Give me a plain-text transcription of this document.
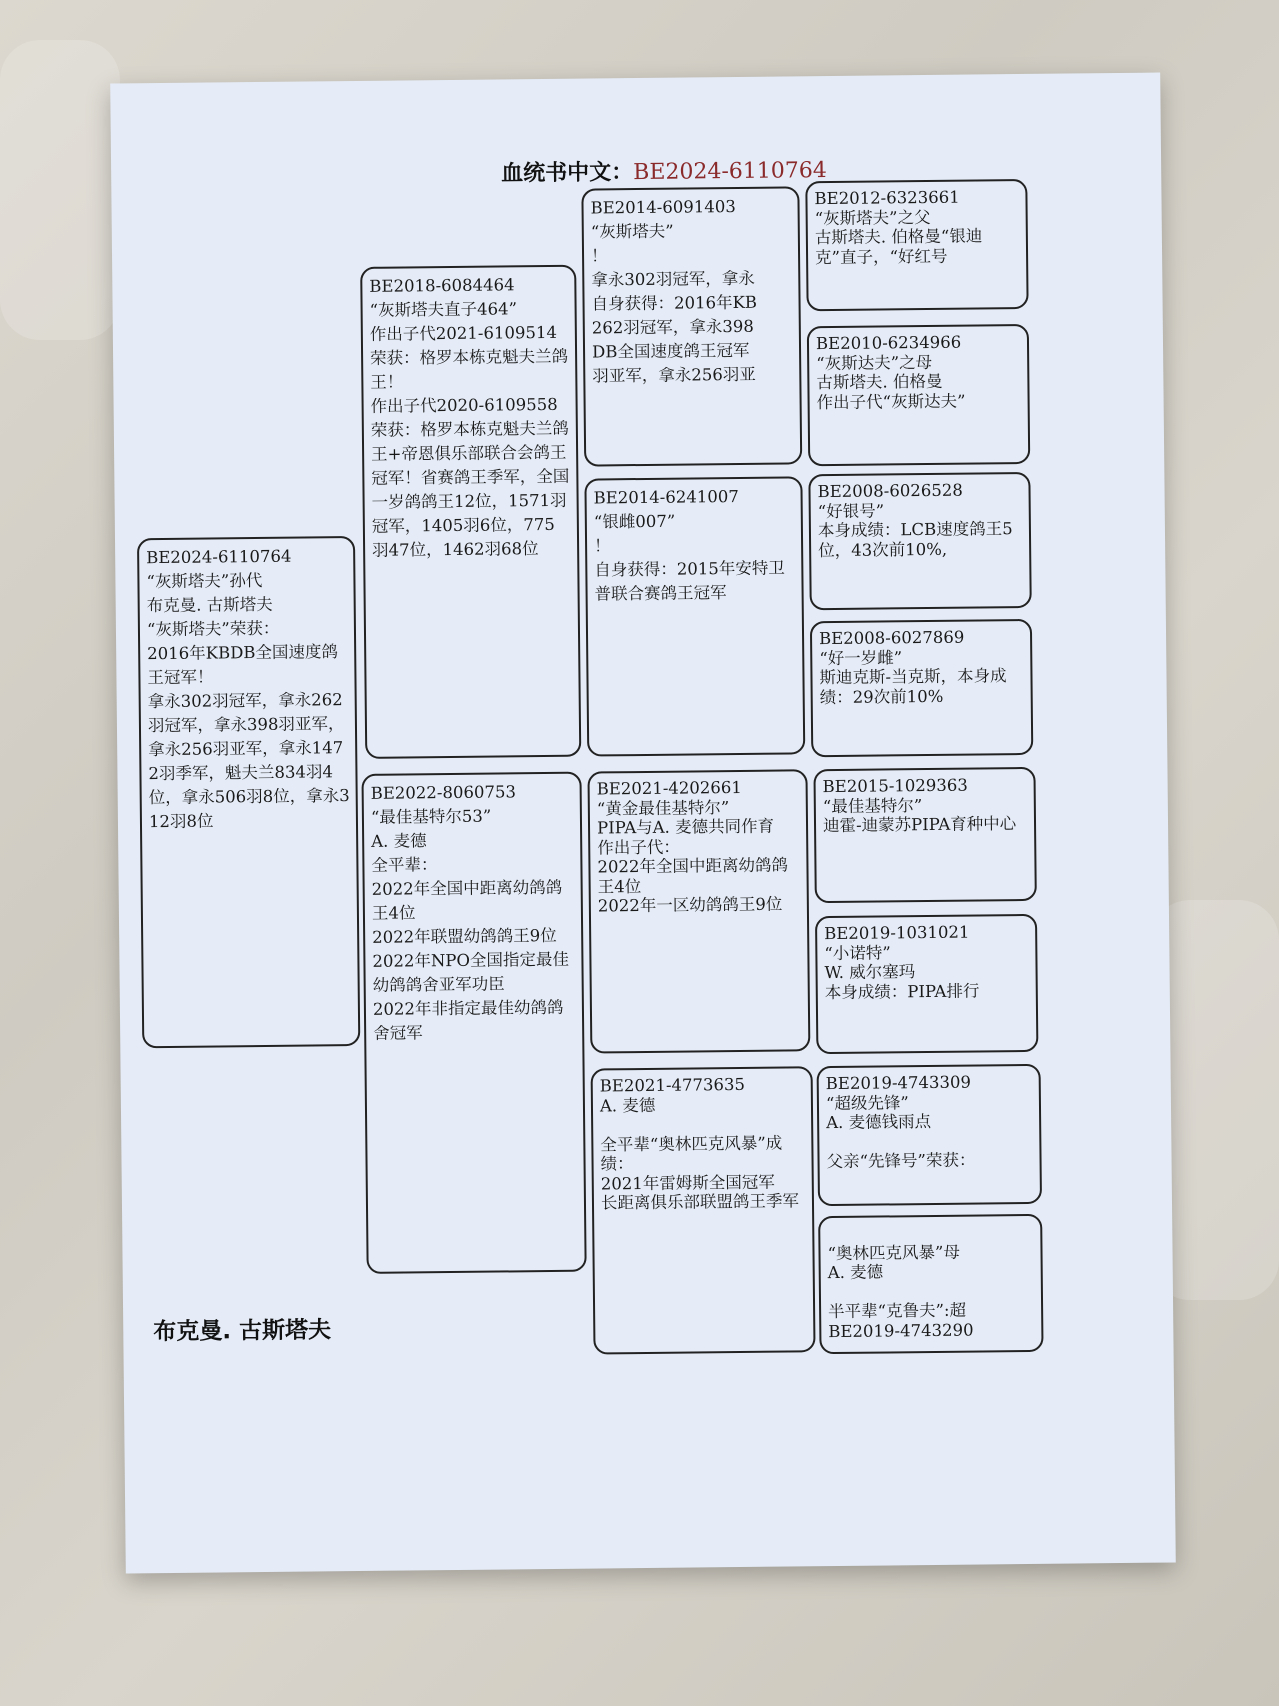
血统书中文：BE2024-6110764
BE2024-6110764
“灰斯塔夫”孙代
布克曼. 古斯塔夫
“灰斯塔夫”荣获：
2016年KBDB全国速度鸽王冠军！
拿永302羽冠军，拿永262羽冠军，拿永398羽亚军，拿永256羽亚军，拿永1472羽季军，魁夫兰834羽4位，拿永506羽8位，拿永312羽8位
BE2018-6084464
“灰斯塔夫直子464”
作出子代2021-6109514荣获：格罗本栋克魁夫兰鸽王！
作出子代2020-6109558荣获：格罗本栋克魁夫兰鸽王+帝恩俱乐部联合会鸽王冠军！省赛鸽王季军，全国一岁鸽鸽王12位，1571羽冠军，1405羽6位，775羽47位，1462羽68位
BE2022-8060753
“最佳基特尔53”
A. 麦德
全平辈：
2022年全国中距离幼鸽鸽王4位
2022年联盟幼鸽鸽王9位
2022年NPO全国指定最佳幼鸽鸽舍亚军功臣
2022年非指定最佳幼鸽鸽舍冠军
BE2014-6091403
“灰斯塔夫”
！
拿永302羽冠军，拿永
自身获得：2016年KB
262羽冠军，拿永398
DB全国速度鸽王冠军
羽亚军，拿永256羽亚
BE2014-6241007
“银雌007”
！
自身获得：2015年安特卫普联合赛鸽王冠军
BE2021-4202661
“黄金最佳基特尔”
PIPA与A. 麦德共同作育
作出子代：
2022年全国中距离幼鸽鸽王4位
2022年一区幼鸽鸽王9位
BE2021-4773635
A. 麦德

全平辈“奥林匹克风暴”成绩：
2021年雷姆斯全国冠军
长距离俱乐部联盟鸽王季军
BE2012-6323661
“灰斯塔夫”之父
古斯塔夫. 伯格曼“银迪克”直子，“好红号
BE2010-6234966
“灰斯达夫”之母
古斯塔夫. 伯格曼
作出子代“灰斯达夫”
BE2008-6026528
“好银号”
本身成绩：LCB速度鸽王5位，43次前10%,
BE2008-6027869
“好一岁雌”
斯迪克斯-当克斯，本身成绩：29次前10%
BE2015-1029363
“最佳基特尔”
迪霍-迪蒙苏PIPA育种中心
BE2019-1031021
“小诺特”
W. 威尔塞玛
本身成绩：PIPA排行
BE2019-4743309
“超级先锋”
A. 麦德钱雨点

父亲“先锋号”荣获：

“奥林匹克风暴”母
A. 麦德

半平辈“克鲁夫”:超
BE2019-4743290
布克曼. 古斯塔夫
